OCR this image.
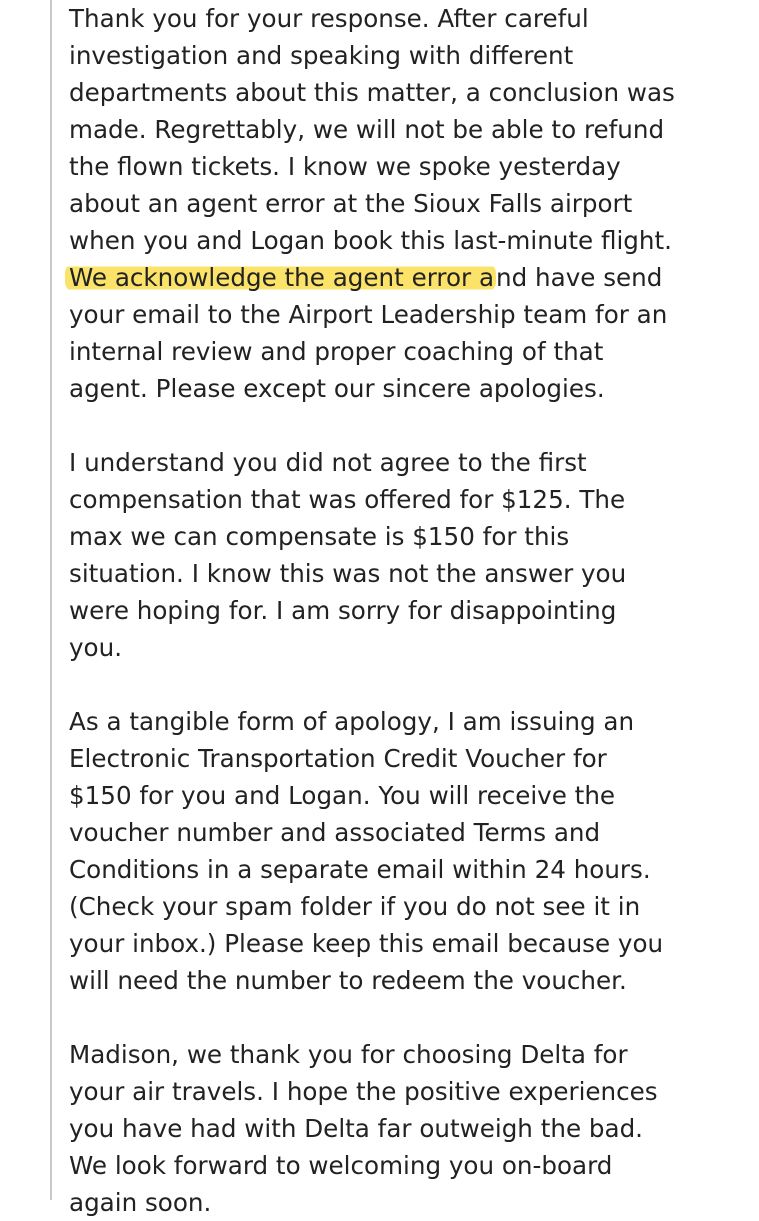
Thank you for your response. After careful

investigation and speaking with different

departments about this matter, a conclusion was

made. Regrettably, we will not be able to refund

the flown tickets. I know we spoke yesterday

about an agent error at the Sioux Falls airport

when you and Logan book this last-minute flight.

We acknowledge the agent error and have send

your email to the Airport Leadership team for an

internal review and proper coaching of that

agent. Please except our sincere apologies.

I understand you did not agree to the first

compensation that was offered for $125. The

max we can compensate is $150 for this

situation. I know this was not the answer you

were hoping for. I am sorry for disappointing

you.

As a tangible form of apology, I am issuing an

Electronic Transportation Credit Voucher for

$150 for you and Logan. You will receive the

voucher number and associated Terms and

Conditions in a separate email within 24 hours.

(Check your spam folder if you do not see it in

your inbox.) Please keep this email because you

will need the number to redeem the voucher.

Madison, we thank you for choosing Delta for

your air travels. I hope the positive experiences

you have had with Delta far outweigh the bad.

We look forward to welcoming you on-board

again soon.
